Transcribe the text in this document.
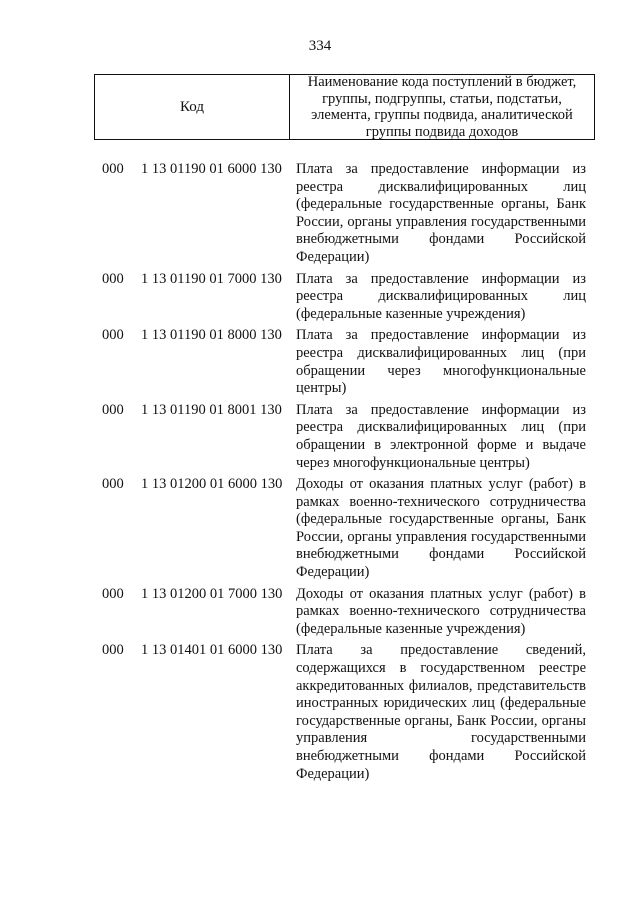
334
Код
Наименование кода поступлений в бюджет,
группы, подгруппы, статьи, подстатьи,
элемента, группы подвида, аналитической
группы подвида доходов
000	1 13 01190 01 6000 130 Плата за предоставление информации из
реестра дисквалифицированных лиц
(федеральные государственные органы, Банк
России, органы управления государственными
внебюджетными фондами Российской
Федерации)
000	1 13 01190 01 7000 130 Плата за предоставление информации из
реестра дисквалифицированных лиц
(федеральные казенные учреждения)
000	1 13 01190 01 8000 130 Плата за предоставление информации из
реестра дисквалифицированных лиц (при
обращении через многофункциональные
центры)
000	1 13 01190 01 8001 130 Плата за предоставление информации из
реестра дисквалифицированных лиц (при
обращении в электронной форме и выдаче
через многофункциональные центры)
000	1 13 01200 01 6000 130 Доходы от оказания платных услуг (работ) в
рамках военно-технического сотрудничества
(федеральные государственные органы, Банк
России, органы управления государственными
внебюджетными фондами Российской
Федерации)
000	1 13 01200 01 7000 130 Доходы от оказания платных услуг (работ) в
рамках военно-технического сотрудничества
(федеральные казенные учреждения)
000	1 13 01401 01 6000 130 Плата за предоставление сведений,
содержащихся в государственном реестре
аккредитованных филиалов, представительств
иностранных юридических лиц (федеральные
государственные органы, Банк России, органы
управления государственными
внебюджетными фондами Российской
Федерации)
